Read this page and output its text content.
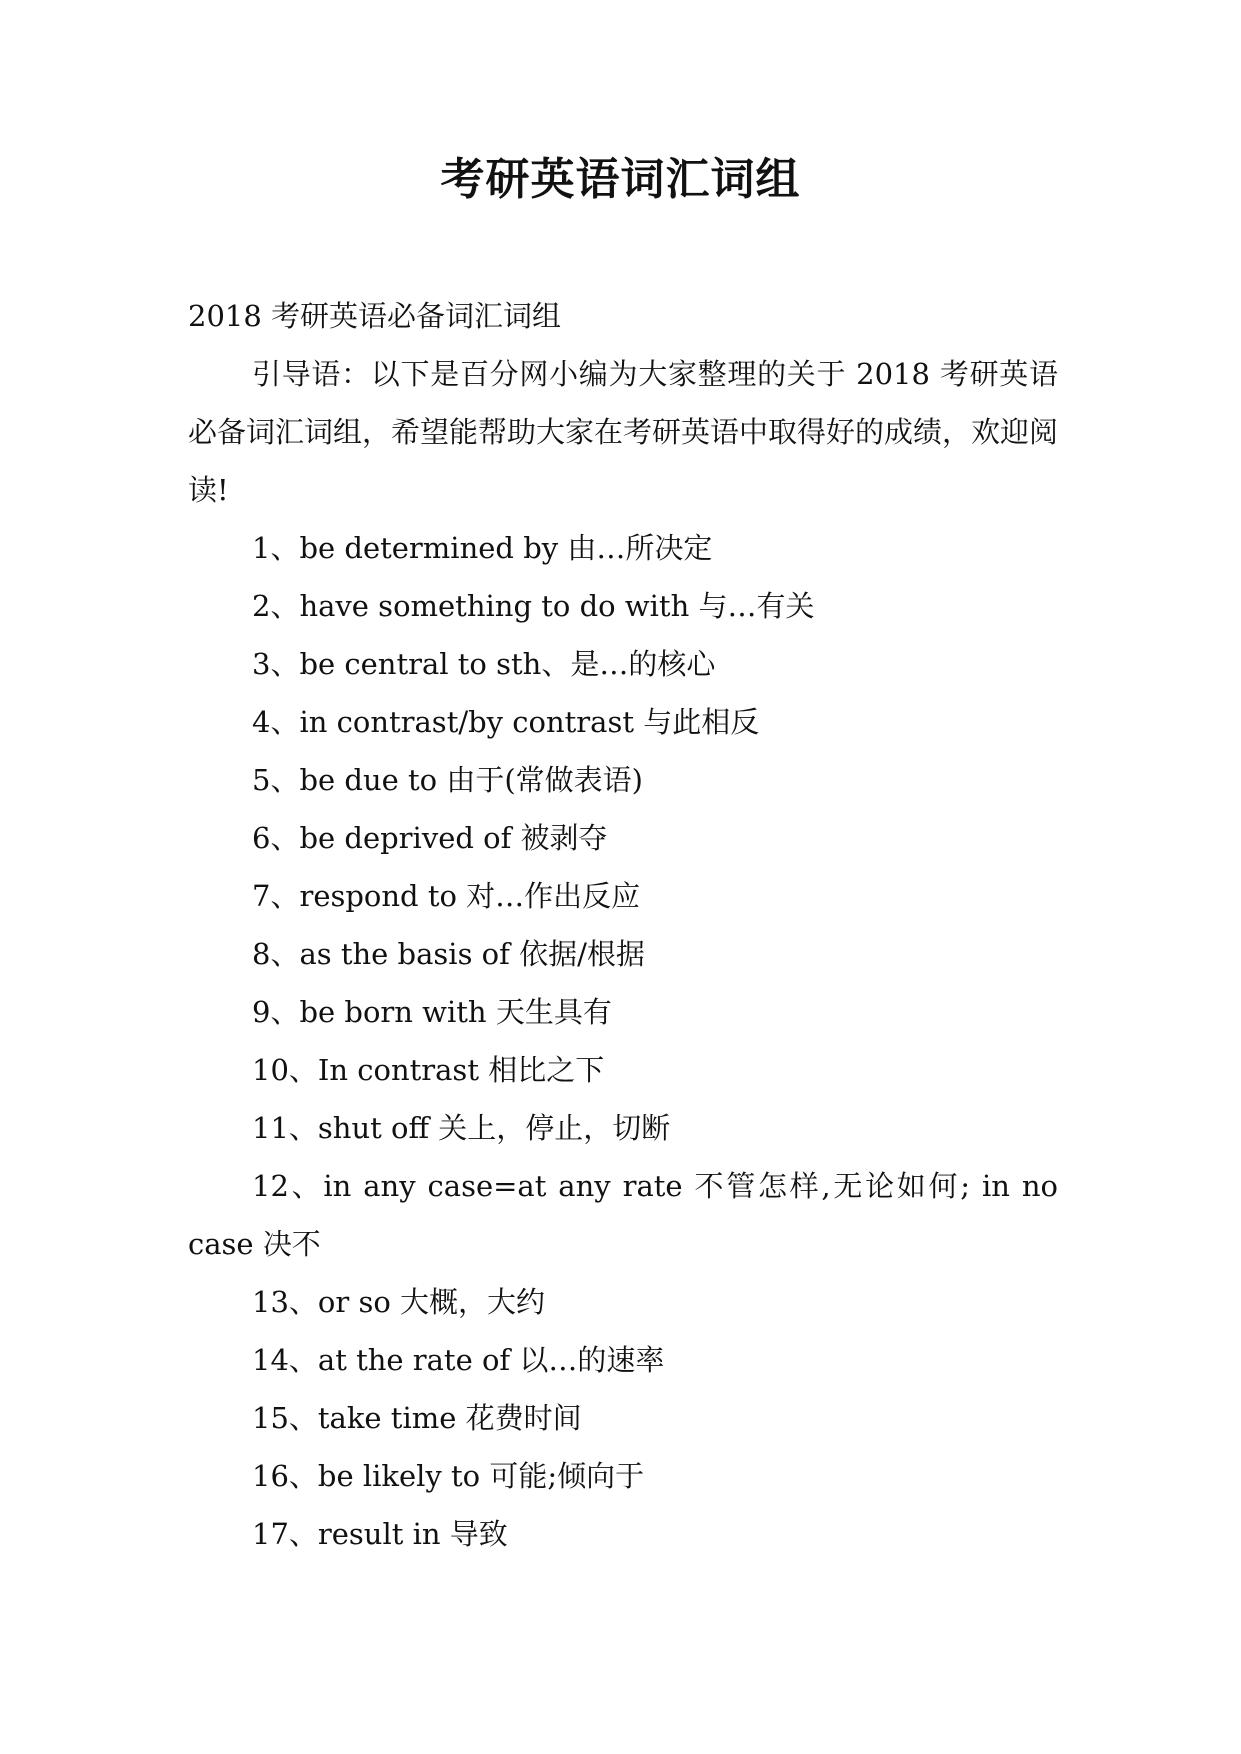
考研英语词汇词组

2018 考研英语必备词汇词组

引导语：以下是百分网小编为大家整理的关于 2018 考研英语必备词汇词组，希望能帮助大家在考研英语中取得好的成绩，欢迎阅读!

1、be determined by 由…所决定

2、have something to do with 与…有关

3、be central to sth、是…的核心

4、in contrast/by contrast 与此相反

5、be due to 由于(常做表语)

6、be deprived of 被剥夺

7、respond to 对…作出反应

8、as the basis of 依据/根据

9、be born with 天生具有

10、In contrast 相比之下

11、shut off 关上，停止，切断

12、in any case=at any rate 不管怎样,无论如何; in no case 决不

13、or so 大概，大约

14、at the rate of 以…的速率

15、take time 花费时间

16、be likely to 可能;倾向于

17、result in 导致
